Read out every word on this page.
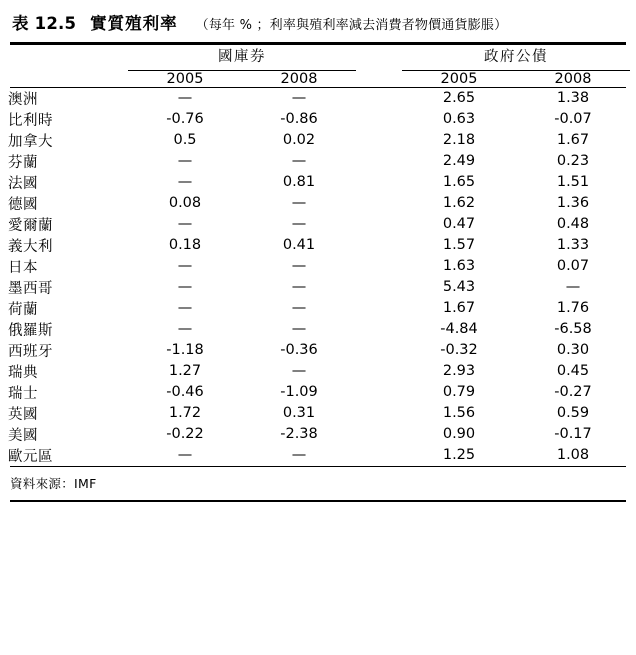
表 12.5 實質殖利率 （每年 % ；利率與殖利率減去消費者物價通貨膨脹）

	國庫券			政府公債	

	2005	2008		2005	2008
澳洲	—	—		2.65	1.38
比利時	-0.76	-0.86		0.63	-0.07
加拿大	0.5	0.02		2.18	1.67
芬蘭	—	—		2.49	0.23
法國	—	0.81		1.65	1.51
德國	0.08	—		1.62	1.36
愛爾蘭	—	—		0.47	0.48
義大利	0.18	0.41		1.57	1.33
日本	—	—		1.63	0.07
墨西哥	—	—		5.43	—
荷蘭	—	—		1.67	1.76
俄羅斯	—	—		-4.84	-6.58
西班牙	-1.18	-0.36		-0.32	0.30
瑞典	1.27	—		2.93	0.45
瑞士	-0.46	-1.09		0.79	-0.27
英國	1.72	0.31		1.56	0.59
美國	-0.22	-2.38		0.90	-0.17
歐元區	—	—		1.25	1.08
資料來源：IMF
